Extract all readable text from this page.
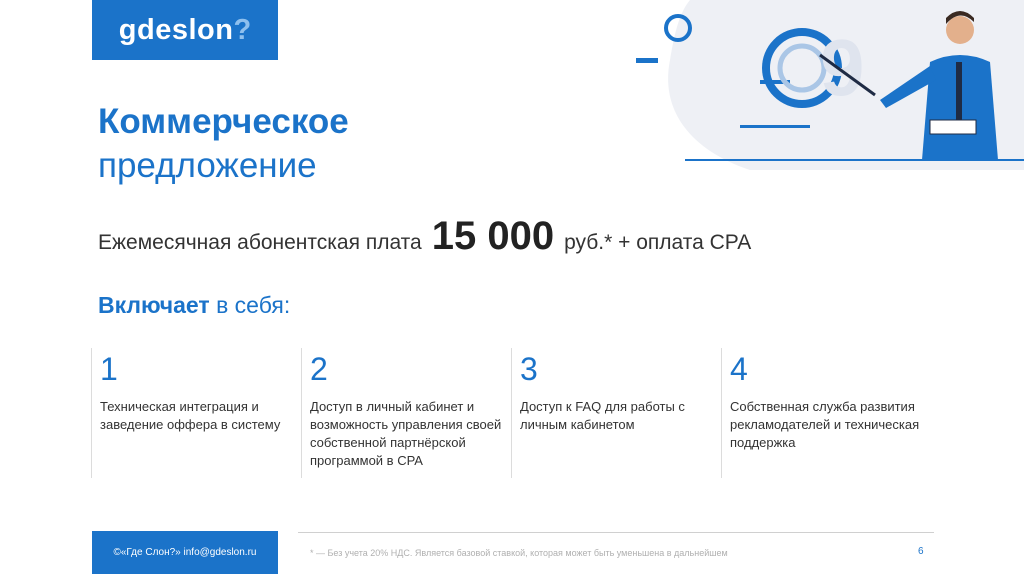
gdeslon ?	9
Коммерческое
предложение
Ежемесячная абонентская плата 15 000 руб.* + оплата CPA
Включает в себя:
1
Техническая интеграция и заведение оффера в систему
2
Доступ в личный кабинет и возможность управления своей собственной партнёрской программой в CPA
3
Доступ к FAQ для работы с личным кабинетом
4
Собственная служба развития рекламодателей и техническая поддержка
©«Где Слон?» info@gdeslon.ru	* — Без учета 20% НДС. Является базовой ставкой, которая может быть уменьшена в дальнейшем	6
